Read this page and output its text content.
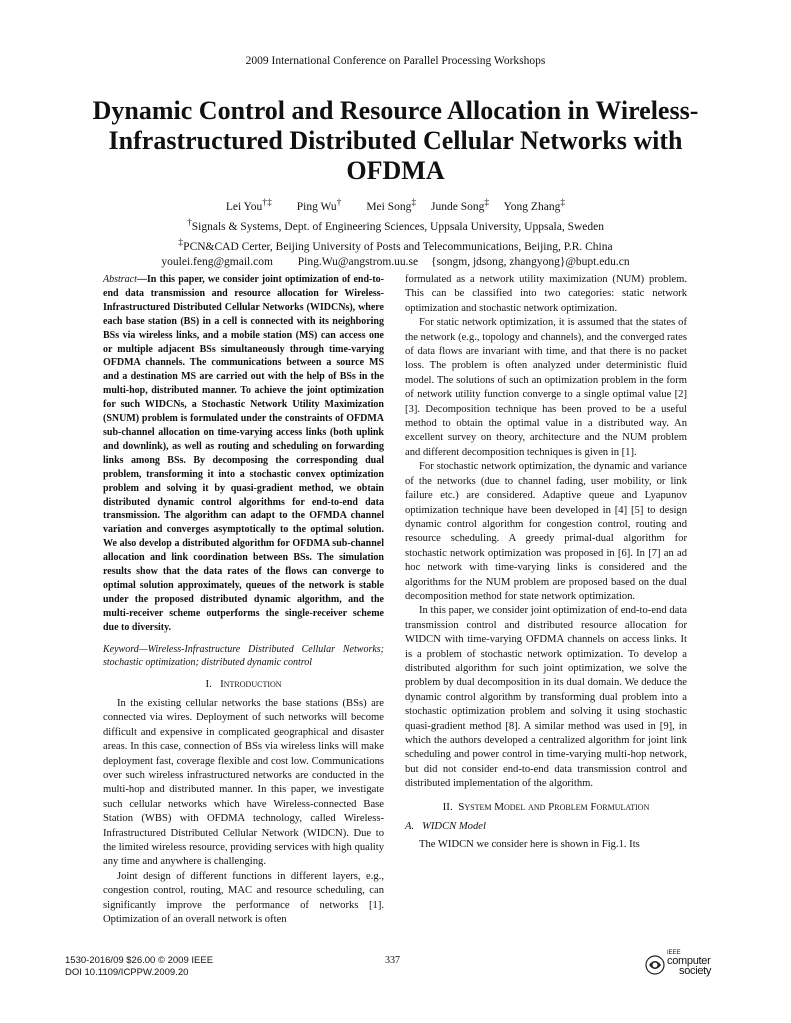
2009 International Conference on Parallel Processing Workshops
Dynamic Control and Resource Allocation in Wireless-Infrastructured Distributed Cellular Networks with OFDMA
Lei You†‡ Ping Wu† Mei Song‡ Junde Song‡ Yong Zhang‡
†Signals & Systems, Dept. of Engineering Sciences, Uppsala University, Uppsala, Sweden
‡PCN&CAD Certer, Beijing University of Posts and Telecommunications, Beijing, P.R. China
youlei.feng@gmail.com Ping.Wu@angstrom.uu.se {songm, jdsong, zhangyong}@bupt.edu.cn

Abstract—In this paper, we consider joint optimization of end-to-end data transmission and resource allocation for Wireless-Infrastructured Distributed Cellular Networks (WIDCNs), where each base station (BS) in a cell is connected with its neighboring BSs via wireless links, and a mobile station (MS) can access one or multiple adjacent BSs simultaneously through time-varying OFDMA channels. The communications between a source MS and a destination MS are carried out with the help of BSs in the multi-hop, distributed manner. To achieve the joint optimization for such WIDCNs, a Stochastic Network Utility Maximization (SNUM) problem is formulated under the constraints of OFDMA sub-channel allocation on time-varying access links (both uplink and downlink), as well as routing and scheduling on forwarding links among BSs. By decomposing the corresponding dual problem, transforming it into a stochastic convex optimization problem and solving it by quasi-gradient method, we obtain distributed dynamic control algorithms for end-to-end data transmission. The algorithm can adapt to the OFMDA channel variation and converges asymptotically to the optimal solution. We also develop a distributed algorithm for OFDMA sub-channel allocation and link coordination between BSs. The simulation results show that the data rates of the flows can converge to optimal solution approximately, queues of the network is stable under the proposed distributed dynamic algorithm, and the multi-receiver scheme outperforms the single-receiver scheme due to diversity.

Keyword—Wireless-Infrastructure Distributed Cellular Networks; stochastic optimization; distributed dynamic control

I. Introduction

In the existing cellular networks the base stations (BSs) are connected via wires. Deployment of such networks will become difficult and expensive in complicated geographical and disaster areas. In this case, connection of BSs via wireless links will make deployment fast, coverage flexible and cost low. Communications over such wireless infrastructured networks are conducted in the multi-hop and distributed manner. In this paper, we investigate such cellular networks which have Wireless-connected Base Station (WBS) with OFDMA technology, called Wireless-Infrastructured Distributed Cellular Network (WIDCN). Due to the limited wireless resource, providing services with high quality any time and anywhere is challenging.

Joint design of different functions in different layers, e.g., congestion control, routing, MAC and resource scheduling, can significantly improve the performance of networks [1]. Optimization of an overall network is often

formulated as a network utility maximization (NUM) problem. This can be classified into two categories: static network optimization and stochastic network optimization.

For static network optimization, it is assumed that the states of the network (e.g., topology and channels), and the converged rates of data flows are invariant with time, and that there is no packet loss. The problem is often analyzed under deterministic fluid model. The solutions of such an optimization problem in the form of network utility function converge to a single optimal value [2] [3]. Decomposition technique has been proved to be a useful method to obtain the optimal value in a distributed way. An excellent survey on theory, architecture and the NUM problem and different decomposition techniques is given in [1].

For stochastic network optimization, the dynamic and variance of the networks (due to channel fading, user mobility, or link failure etc.) are considered. Adaptive queue and Lyapunov optimization technique have been developed in [4] [5] to design dynamic control algorithm for congestion control, routing and resource scheduling. A greedy primal-dual algorithm for stochastic network optimization was proposed in [6]. In [7] an ad hoc network with time-varying links is considered and the algorithms for the NUM problem are proposed based on the dual decomposition method for state network optimization.

In this paper, we consider joint optimization of end-to-end data transmission control and distributed resource allocation for WIDCN with time-varying OFDMA channels on access links. It is a problem of stochastic network optimization. To develop a distributed algorithm for such joint optimization, we solve the problem by dual decomposition in its dual domain. We deduce the dynamic control algorithm by transforming dual problem into a stochastic optimization problem and solving it using stochastic quasi-gradient method [8]. A similar method was used in [9], in which the authors developed a centralized algorithm for joint link scheduling and power control in time-varying multi-hop network, but did not consider end-to-end data transmission control and distributed implementation of the algorithm.

II. System Model and Problem Formulation

A.   WIDCN Model

The WIDCN we consider here is shown in Fig.1. Its

1530-2016/09 $26.00 © 2009 IEEE
DOI 10.1109/ICPPW.2009.20
337
IEEE
computer
society
